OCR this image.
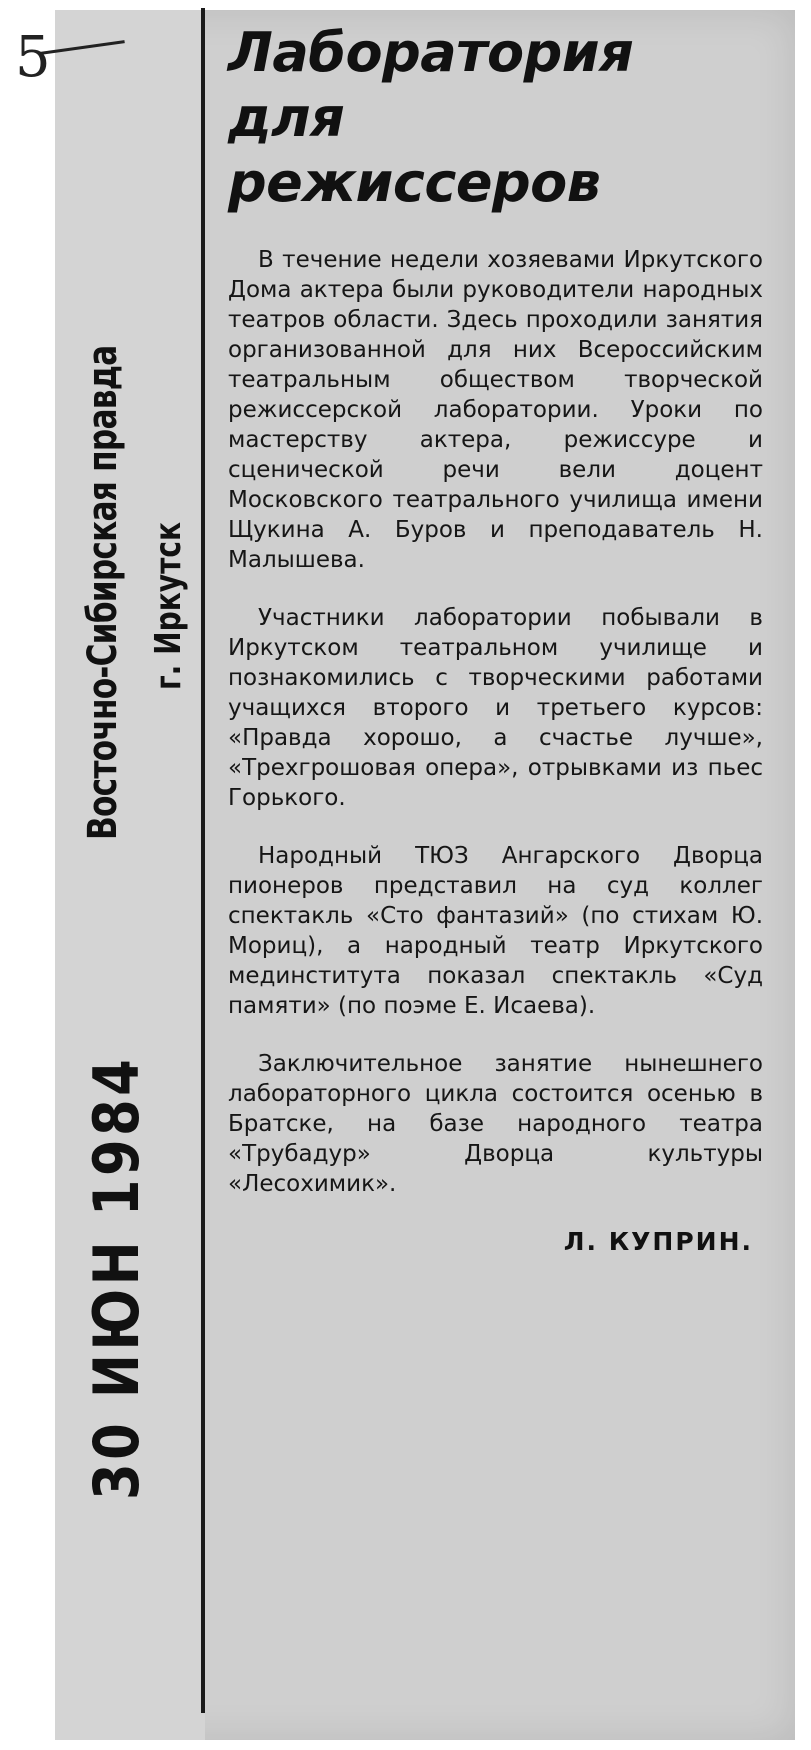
5
Восточно-Сибирская правда г. Иркутск
30 ИЮН 1984
Лаборатория
для
режиссеров

В течение недели хозяевами Иркутского Дома актера были руководители народных театров области. Здесь проходили занятия организованной для них Всероссийским театральным обществом творческой режиссерской лаборатории. Уроки по мастерству актера, режиссуре и сценической речи вели доцент Московского театрального училища имени Щукина А. Буров и преподаватель Н. Малышева.

Участники лаборатории побывали в Иркутском театральном училище и познакомились с творческими работами учащихся второго и третьего курсов: «Правда хорошо, а счастье лучше», «Трехгрошовая опера», отрывками из пьес Горького.

Народный ТЮЗ Ангарского Дворца пионеров представил на суд коллег спектакль «Сто фантазий» (по стихам Ю. Мориц), а народный театр Иркутского мединститута показал спектакль «Суд памяти» (по поэме Е. Исаева).

Заключительное занятие нынешнего лабораторного цикла состоится осенью в Братске, на базе народного театра «Трубадур» Дворца культуры «Лесохимик».

Л. КУПРИН.
